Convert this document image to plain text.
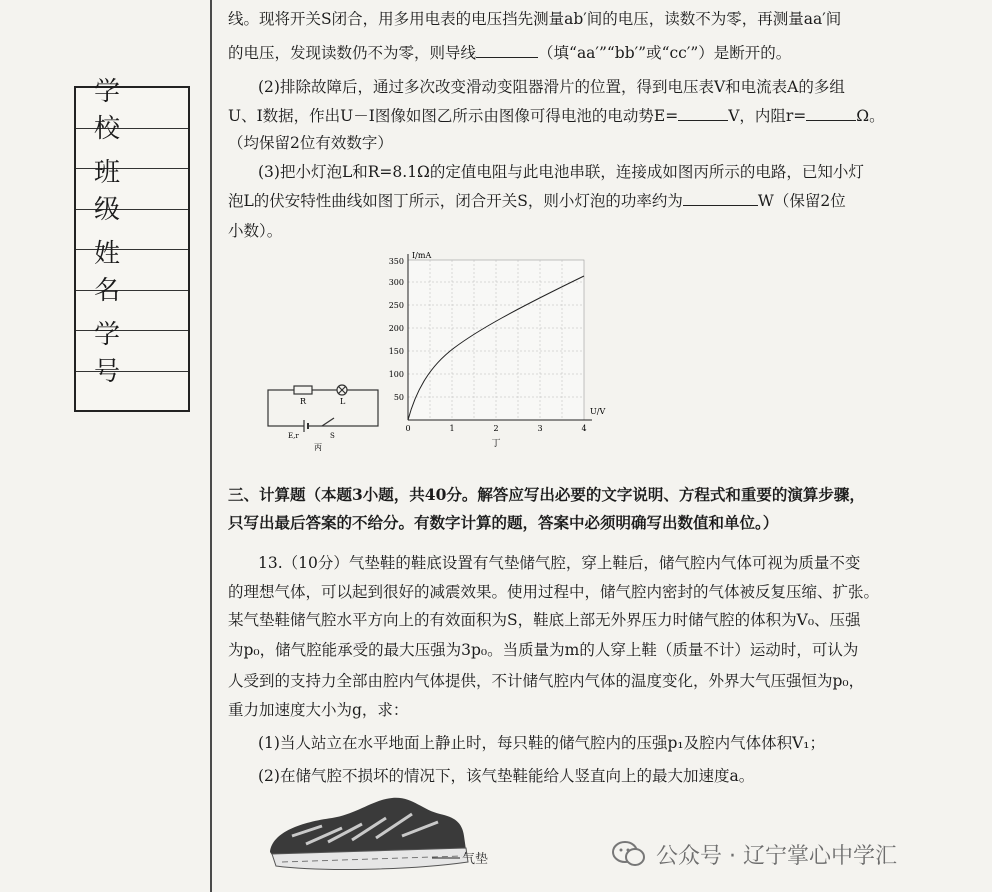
学校
班级
姓名
学号

线。现将开关S闭合，用多用电表的电压挡先测量ab′间的电压，读数不为零，再测量aa′间

的电压，发现读数仍不为零，则导线	（填“aa′”“bb′”或“cc′”）是断开的。

(2)排除故障后，通过多次改变滑动变阻器滑片的位置，得到电压表V和电流表A的多组

U、I数据，作出U－I图像如图乙所示由图像可得电池的电动势E=	V，内阻r=	Ω。

（均保留2位有效数字）

(3)把小灯泡L和R=8.1Ω的定值电阻与此电池串联，连接成如图丙所示的电路，已知小灯

泡L的伏安特性曲线如图丁所示，闭合开关S，则小灯泡的功率约为	W（保留2位

小数）。

R	L
E,r	S
丙
50
100
150
200
250
300
350
0	1	2	3	4
I/mA
U/V
丁

三、计算题（本题3小题，共40分。解答应写出必要的文字说明、方程式和重要的演算步骤，

只写出最后答案的不给分。有数字计算的题，答案中必须明确写出数值和单位。）

13.（10分）气垫鞋的鞋底设置有气垫储气腔，穿上鞋后，储气腔内气体可视为质量不变

的理想气体，可以起到很好的减震效果。使用过程中，储气腔内密封的气体被反复压缩、扩张。

某气垫鞋储气腔水平方向上的有效面积为S，鞋底上部无外界压力时储气腔的体积为V₀、压强

为p₀，储气腔能承受的最大压强为3p₀。当质量为m的人穿上鞋（质量不计）运动时，可认为

人受到的支持力全部由腔内气体提供，不计储气腔内气体的温度变化，外界大气压强恒为p₀，

重力加速度大小为g，求：

(1)当人站立在水平地面上静止时，每只鞋的储气腔内的压强p₁及腔内气体体积V₁；

(2)在储气腔不损坏的情况下，该气垫鞋能给人竖直向上的最大加速度a。

气垫	公众号 · 辽宁掌心中学汇
